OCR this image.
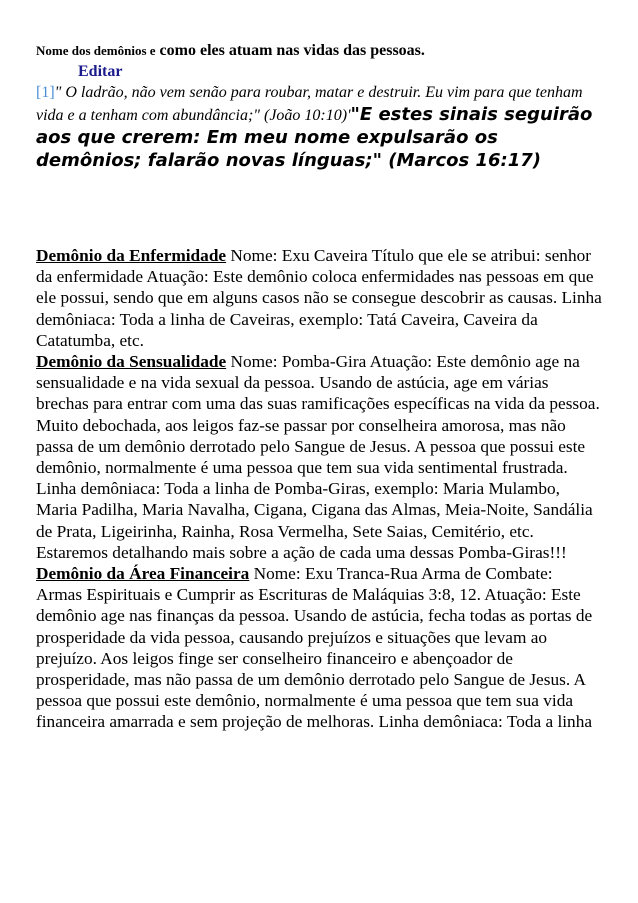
Nome dos demônios e como eles atuam nas vidas das pessoas.
Editar
[1]" O ladrão, não vem senão para roubar, matar e destruir. Eu vim para que tenham vida e a tenham com abundância;" (João 10:10)'"E estes sinais seguirão aos que crerem: Em meu nome expulsarão os demônios; falarão novas línguas;" (Marcos 16:17)
Demônio da Enfermidade Nome: Exu Caveira Título que ele se atribui: senhor da enfermidade Atuação: Este demônio coloca enfermidades nas pessoas em que ele possui, sendo que em alguns casos não se consegue descobrir as causas. Linha demôniaca: Toda a linha de Caveiras, exemplo: Tatá Caveira, Caveira da Catatumba, etc.
Demônio da Sensualidade Nome: Pomba-Gira Atuação: Este demônio age na sensualidade e na vida sexual da pessoa. Usando de astúcia, age em várias brechas para entrar com uma das suas ramificações específicas na vida da pessoa. Muito debochada, aos leigos faz-se passar por conselheira amorosa, mas não passa de um demônio derrotado pelo Sangue de Jesus. A pessoa que possui este demônio, normalmente é uma pessoa que tem sua vida sentimental frustrada. Linha demôniaca: Toda a linha de Pomba-Giras, exemplo: Maria Mulambo, Maria Padilha, Maria Navalha, Cigana, Cigana das Almas, Meia-Noite, Sandália de Prata, Ligeirinha, Rainha, Rosa Vermelha, Sete Saias, Cemitério, etc. Estaremos detalhando mais sobre a ação de cada uma dessas Pomba-Giras!!!
Demônio da Área Financeira Nome: Exu Tranca-Rua Arma de Combate: Armas Espirituais e Cumprir as Escrituras de Maláquias 3:8, 12. Atuação: Este demônio age nas finanças da pessoa. Usando de astúcia, fecha todas as portas de prosperidade da vida pessoa, causando prejuízos e situações que levam ao prejuízo. Aos leigos finge ser conselheiro financeiro e abençoador de prosperidade, mas não passa de um demônio derrotado pelo Sangue de Jesus. A pessoa que possui este demônio, normalmente é uma pessoa que tem sua vida financeira amarrada e sem projeção de melhoras. Linha demôniaca: Toda a linha
